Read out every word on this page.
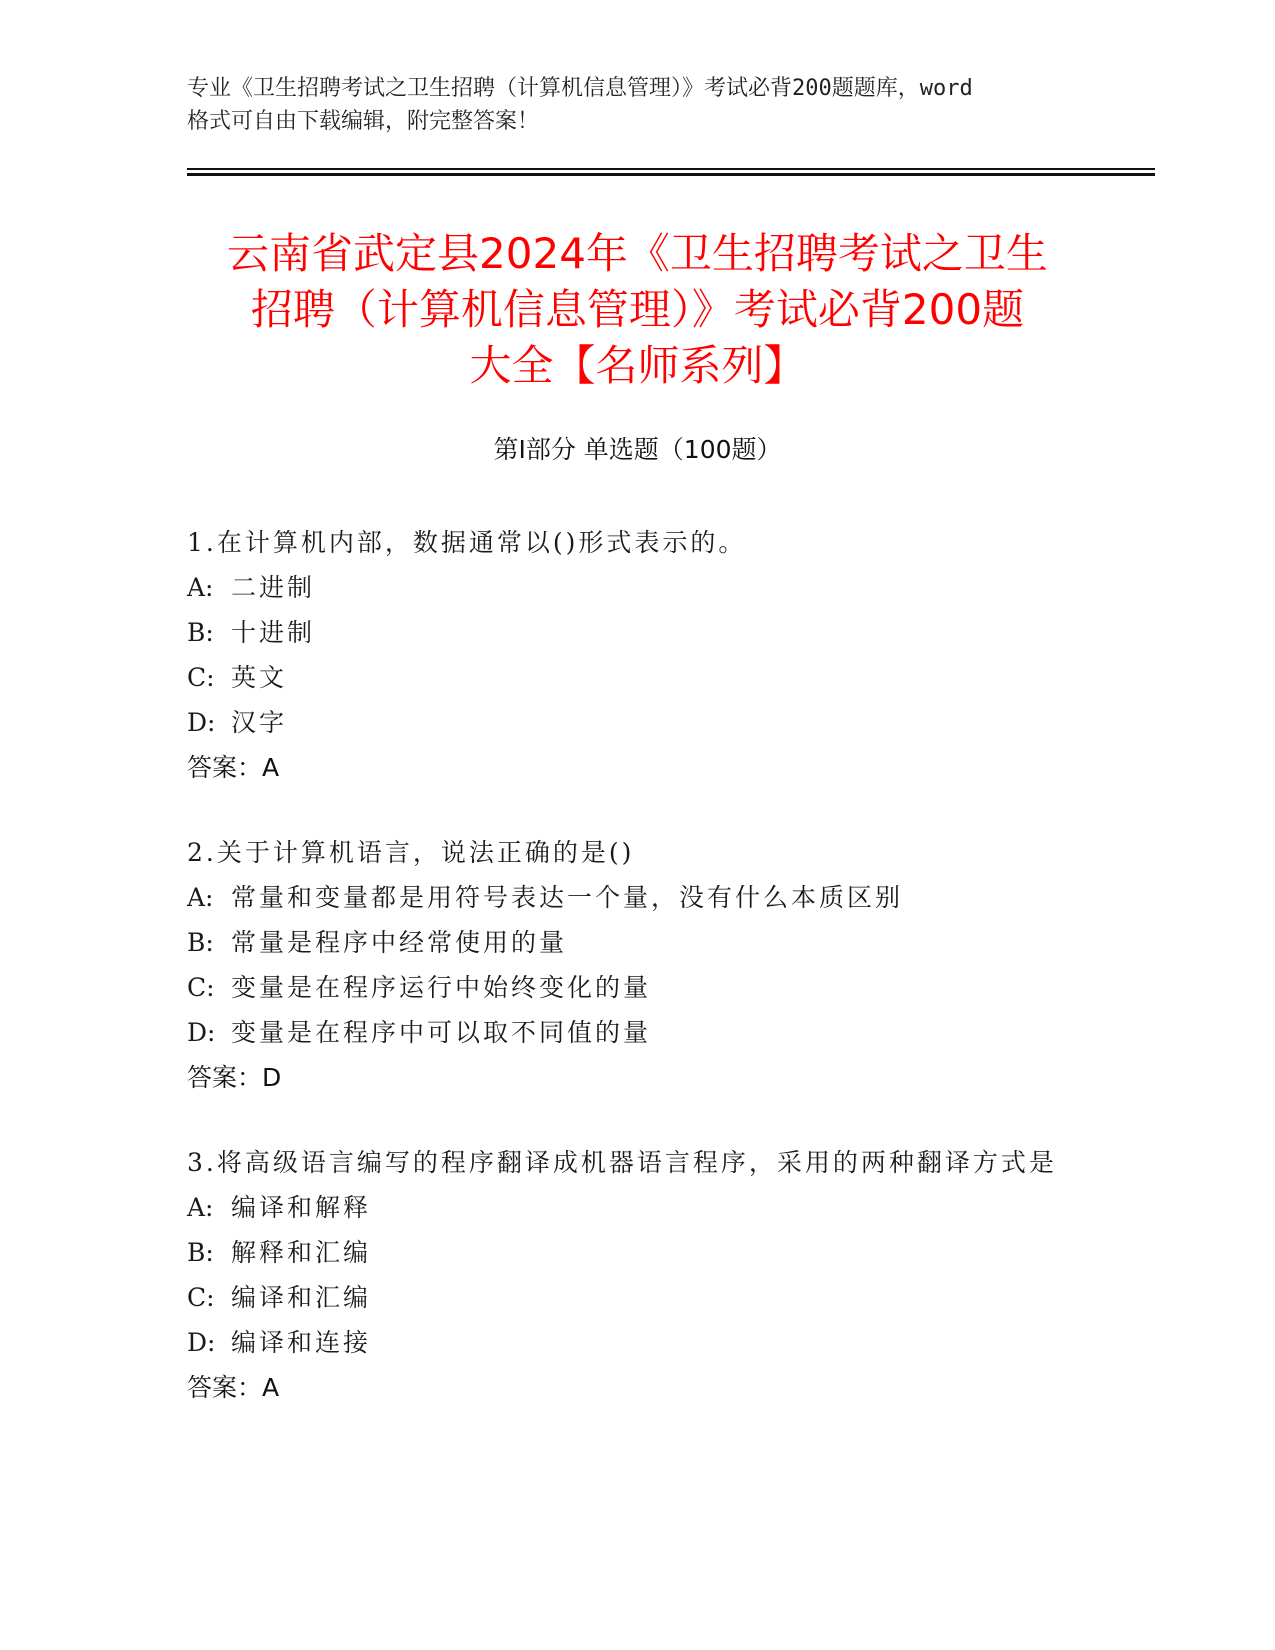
专业《卫生招聘考试之卫生招聘（计算机信息管理）》考试必背200题题库，word
格式可自由下载编辑，附完整答案！
云南省武定县2024年《卫生招聘考试之卫生
招聘（计算机信息管理）》考试必背200题
大全【名师系列】
第Ⅰ部分 单选题（100题）
1.在计算机内部，数据通常以()形式表示的。
A: 二进制
B: 十进制
C: 英文
D: 汉字
答案：A
2.关于计算机语言，说法正确的是()
A: 常量和变量都是用符号表达一个量，没有什么本质区别
B: 常量是程序中经常使用的量
C: 变量是在程序运行中始终变化的量
D: 变量是在程序中可以取不同值的量
答案：D
3.将高级语言编写的程序翻译成机器语言程序，采用的两种翻译方式是
A: 编译和解释
B: 解释和汇编
C: 编译和汇编
D: 编译和连接
答案：A
